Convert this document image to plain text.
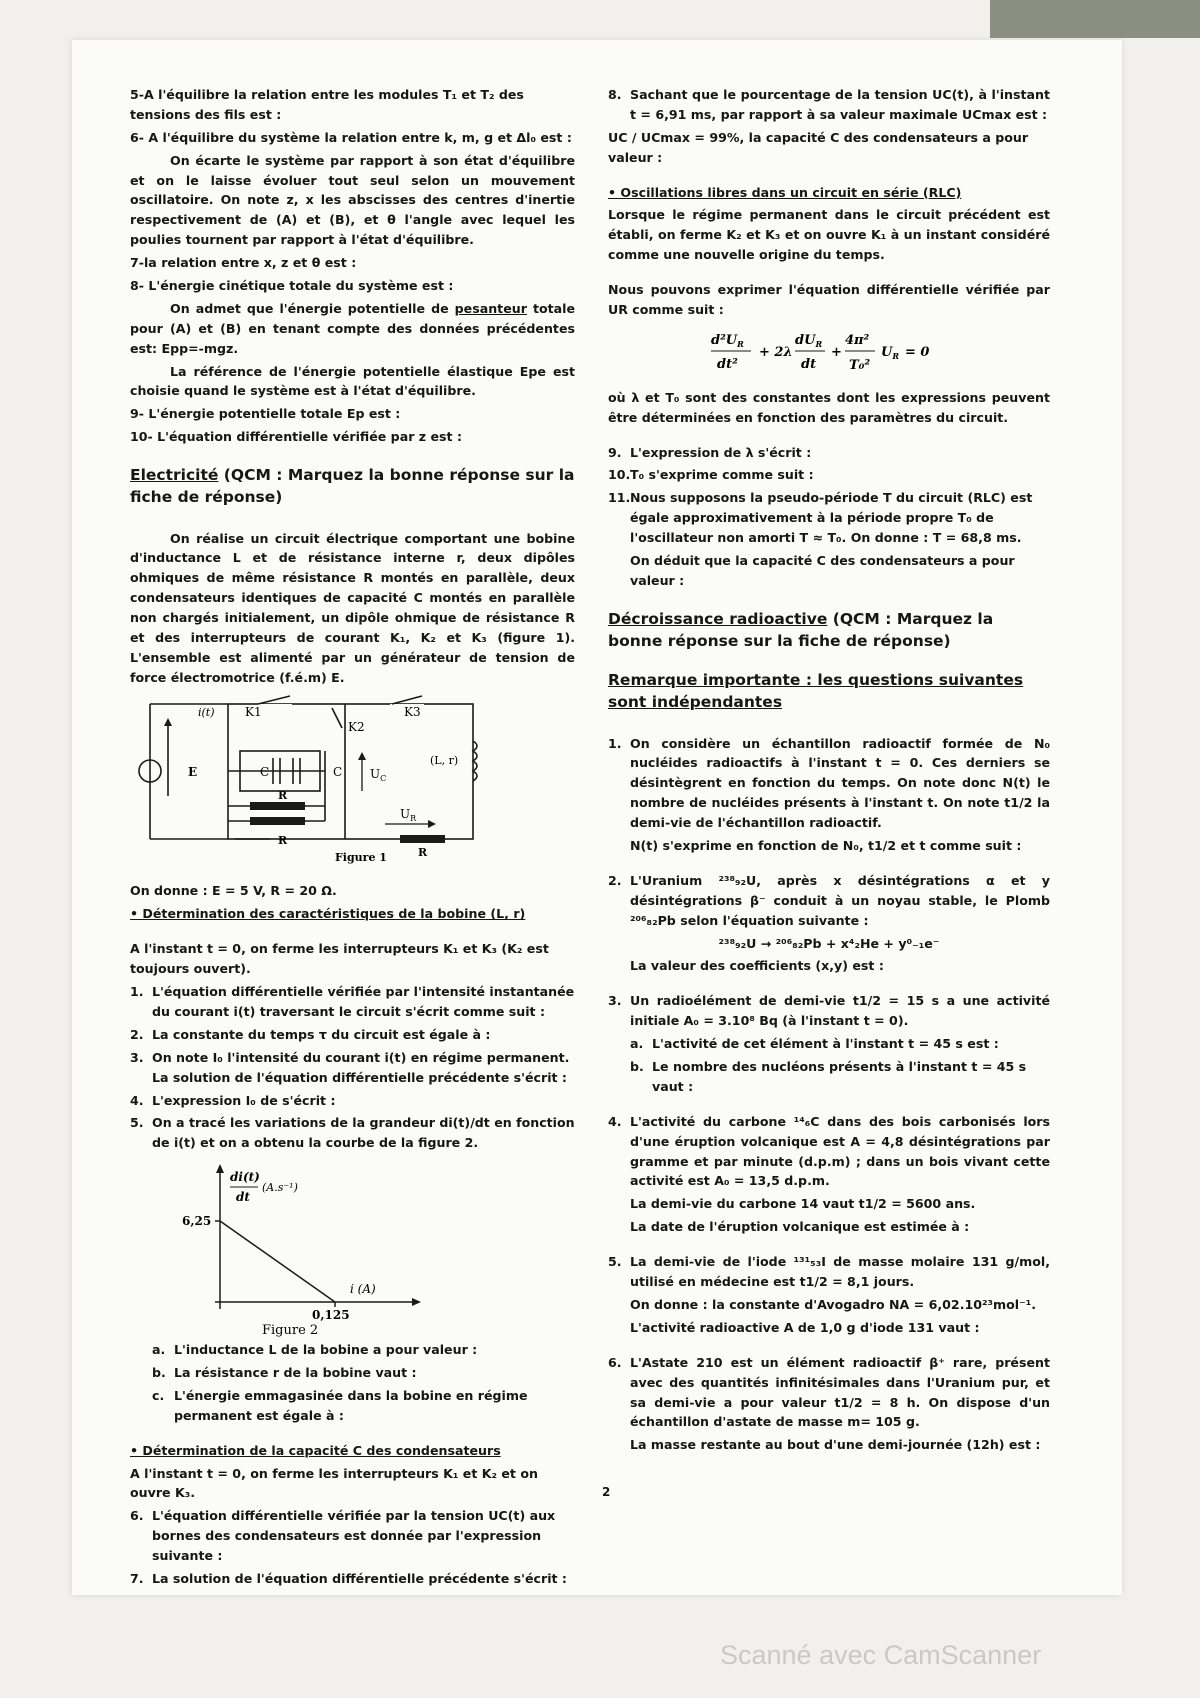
5-A l'équilibre la relation entre les modules T₁ et T₂ des tensions des fils est :

6- A l'équilibre du système la relation entre k, m, g et Δl₀ est :

On écarte le système par rapport à son état d'équilibre et on le laisse évoluer tout seul selon un mouvement oscillatoire. On note z, x les abscisses des centres d'inertie respectivement de (A) et (B), et θ l'angle avec lequel les poulies tournent par rapport à l'état d'équilibre.

7-la relation entre x, z et θ est :

8- L'énergie cinétique totale du système est :

On admet que l'énergie potentielle de pesanteur totale pour (A) et (B) en tenant compte des données précédentes est: Epp=-mgz.

La référence de l'énergie potentielle élastique Epe est choisie quand le système est à l'état d'équilibre.

9- L'énergie potentielle totale Ep est :

10- L'équation différentielle vérifiée par z est :

Electricité (QCM : Marquez la bonne réponse sur la fiche de réponse)

On réalise un circuit électrique comportant une bobine d'inductance L et de résistance interne r, deux dipôles ohmiques de même résistance R montés en parallèle, deux condensateurs identiques de capacité C montés en parallèle non chargés initialement, un dipôle ohmique de résistance R et des interrupteurs de courant K₁, K₂ et K₃ (figure 1). L'ensemble est alimenté par un générateur de tension de force électromotrice (f.é.m) E.

i(t)	K1
K2
K3
E	C	C $U_C$
(L, r)
R
R
$U_R$
R
Figure 1

On donne : E = 5 V, R = 20 Ω.

• Détermination des caractéristiques de la bobine (L, r)

A l'instant t = 0, on ferme les interrupteurs K₁ et K₃ (K₂ est toujours ouvert).

1. L'équation différentielle vérifiée par l'intensité instantanée du courant i(t) traversant le circuit s'écrit comme suit :
2. La constante du temps τ du circuit est égale à :
3. On note I₀ l'intensité du courant i(t) en régime permanent. La solution de l'équation différentielle précédente s'écrit :
4. L'expression I₀ de s'écrit :
5. On a tracé les variations de la grandeur di(t)/dt en fonction de i(t) et on a obtenu la courbe de la figure 2.
di(t)
dt
(A.s⁻¹)
6,25
0,125
i (A)
Figure 2
a. L'inductance L de la bobine a pour valeur :
b. La résistance r de la bobine vaut :
c. L'énergie emmagasinée dans la bobine en régime permanent est égale à :

• Détermination de la capacité C des condensateurs

A l'instant t = 0, on ferme les interrupteurs K₁ et K₂ et on ouvre K₃.

6. L'équation différentielle vérifiée par la tension UC(t) aux bornes des condensateurs est donnée par l'expression suivante :
7. La solution de l'équation différentielle précédente s'écrit :
8. Sachant que le pourcentage de la tension UC(t), à l'instant t = 6,91 ms, par rapport à sa valeur maximale UCmax est :

UC / UCmax = 99%, la capacité C des condensateurs a pour valeur :

• Oscillations libres dans un circuit en série (RLC)

Lorsque le régime permanent dans le circuit précédent est établi, on ferme K₂ et K₃ et on ouvre K₁ à un instant considéré comme une nouvelle origine du temps.

Nous pouvons exprimer l'équation différentielle vérifiée par UR comme suit :

$d^2U_R$
dt²
+ 2λ
$dU_R$
dt
+
4π²
T₀²
$U_R = 0$

où λ et T₀ sont des constantes dont les expressions peuvent être déterminées en fonction des paramètres du circuit.

9. L'expression de λ s'écrit :
10. T₀ s'exprime comme suit :
11. Nous supposons la pseudo-période T du circuit (RLC) est égale approximativement à la période propre T₀ de l'oscillateur non amorti T ≈ T₀. On donne : T = 68,8 ms.

On déduit que la capacité C des condensateurs a pour valeur :

Décroissance radioactive (QCM : Marquez la bonne réponse sur la fiche de réponse)
Remarque importante : les questions suivantes sont indépendantes
1. On considère un échantillon radioactif formée de N₀ nucléides radioactifs à l'instant t = 0. Ces derniers se désintègrent en fonction du temps. On note donc N(t) le nombre de nucléides présents à l'instant t. On note t1/2 la demi-vie de l'échantillon radioactif.

N(t) s'exprime en fonction de N₀, t1/2 et t comme suit :

2. L'Uranium ²³⁸₉₂U, après x désintégrations α et y désintégrations β⁻ conduit à un noyau stable, le Plomb ²⁰⁶₈₂Pb selon l'équation suivante :

²³⁸₉₂U → ²⁰⁶₈₂Pb + x⁴₂He + y⁰₋₁e⁻

La valeur des coefficients (x,y) est :

3. Un radioélément de demi-vie t1/2 = 15 s a une activité initiale A₀ = 3.10⁸ Bq (à l'instant t = 0).
a. L'activité de cet élément à l'instant t = 45 s est :
b. Le nombre des nucléons présents à l'instant t = 45 s vaut :
4. L'activité du carbone ¹⁴₆C dans des bois carbonisés lors d'une éruption volcanique est A = 4,8 désintégrations par gramme et par minute (d.p.m) ; dans un bois vivant cette activité est A₀ = 13,5 d.p.m.

La demi-vie du carbone 14 vaut t1/2 = 5600 ans.

La date de l'éruption volcanique est estimée à :

5. La demi-vie de l'iode ¹³¹₅₃I de masse molaire 131 g/mol, utilisé en médecine est t1/2 = 8,1 jours.

On donne : la constante d'Avogadro NA = 6,02.10²³mol⁻¹.

L'activité radioactive A de 1,0 g d'iode 131 vaut :

6. L'Astate 210 est un élément radioactif β⁺ rare, présent avec des quantités infinitésimales dans l'Uranium pur, et sa demi-vie a pour valeur t1/2 = 8 h. On dispose d'un échantillon d'astate de masse m= 105 g.

La masse restante au bout d'une demi-journée (12h) est :

2
Scanné avec CamScanner
